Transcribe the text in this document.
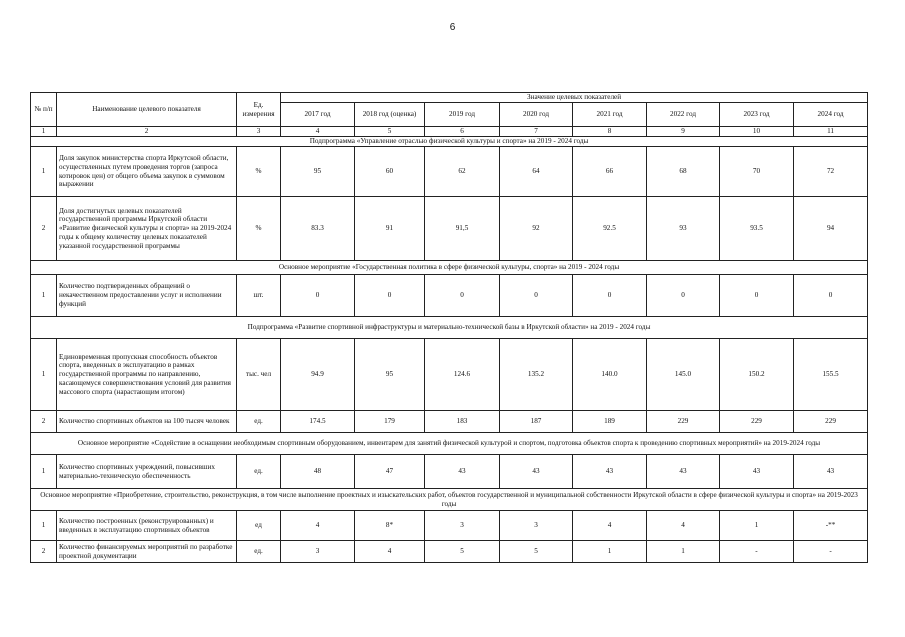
6
№ п/п	Наименование целевого показателя	Ед. измерения	Значение целевых показателей							
			2017 год	2018 год (оценка)	2019 год	2020 год	2021 год	2022 год	2023 год	2024 год
1	2	3	4	5	6	7	8	9	10	11
Подпрограмма «Управление отраслью физической культуры и спорта» на 2019 - 2024 годы										
1	Доля закупок министерства спорта Иркутской области, осуществленных путем проведения торгов (запроса котировок цен) от общего объема закупок в суммовом выражении	%	95	60	62	64	66	68	70	72
2	Доля достигнутых целевых показателей государственной программы Иркутской области «Развитие физической культуры и спорта» на 2019-2024 годы к общему количеству целевых показателей указанной государственной программы	%	83.3	91	91,5	92	92.5	93	93.5	94
Основное мероприятие «Государственная политика в сфере физической культуры, спорта» на 2019 - 2024 годы										
1	Количество подтвержденных обращений о некачественном предоставлении услуг и исполнении функций	шт.	0	0	0	0	0	0	0	0
Подпрограмма «Развитие спортивной инфраструктуры и материально-технической базы в Иркутской области» на 2019 - 2024 годы										
1	Единовременная пропускная способность объектов спорта, введенных в эксплуатацию в рамках государственной программы по направлению, касающемуся совершенствования условий для развития массового спорта (нарастающим итогом)	тыс. чел	94.9	95	124.6	135.2	140.0	145.0	150.2	155.5
2	Количество спортивных объектов на 100 тысяч человек	ед.	174.5	179	183	187	189	229	229	229
Основное мероприятие «Содействие в оснащении необходимым спортивным оборудованием, инвентарем для занятий физической культурой и спортом, подготовка объектов спорта к проведению спортивных мероприятий» на 2019-2024 годы										
1	Количество спортивных учреждений, повысивших материально-техническую обеспеченность	ед.	48	47	43	43	43	43	43	43
Основное мероприятие «Приобретение, строительство, реконструкция, в том числе выполнение проектных и изыскательских работ, объектов государственной и муниципальной собственности Иркутской области в сфере физической культуры и спорта» на 2019-2023 годы										
1	Количество построенных (реконструированных) и введенных в эксплуатацию спортивных объектов	ед	4	8*	3	3	4	4	1	-**
2	Количество финансируемых мероприятий по разработке проектной документации	ед.	3	4	5	5	1	1	-	-
